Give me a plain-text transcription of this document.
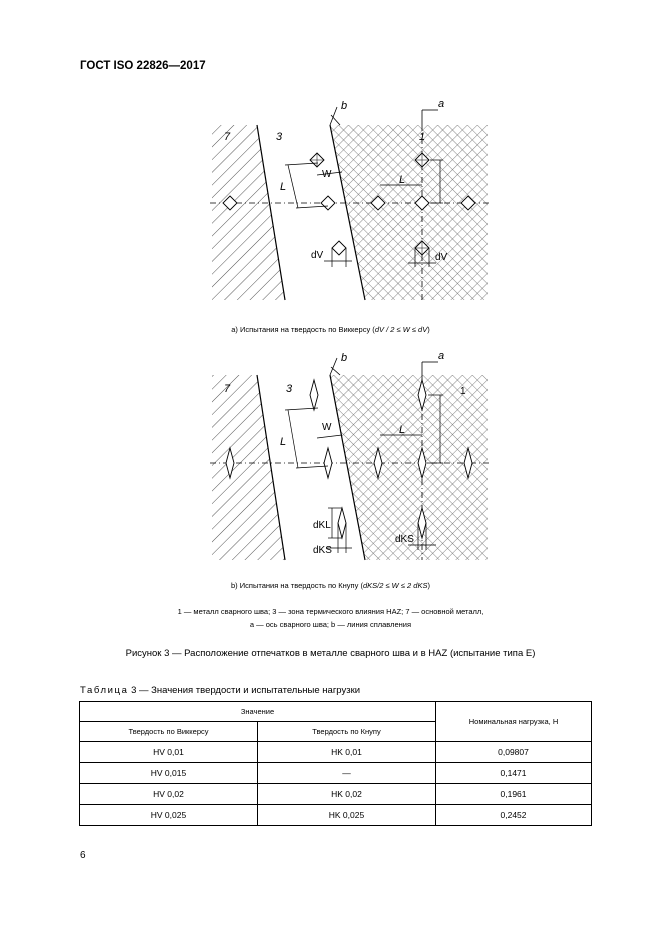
ГОСТ ISO 22826—2017
7	3	1
b	a
L
L
W
dV	dV
a) Испытания на твердость по Виккерсу (dV / 2 ≤ W ≤ dV)
7	3
b	a
L
L
1
W
dKL
dKS
dKS
b) Испытания на твердость по Кнупу (dKS/2 ≤ W ≤ 2 dKS)
1 — металл сварного шва; 3 — зона термического влияния HAZ; 7 — основной металл,
a — ось сварного шва; b — линия сплавления
Рисунок 3 — Расположение отпечатков в металле сварного шва и в HAZ (испытание типа Е)
Таблица 3 — Значения твердости и испытательные нагрузки
Значение		Номинальная нагрузка, Н
Твердость по Виккерсу	Твердость по Кнупу	
HV 0,01	HK 0,01	0,09807
HV 0,015	—	0,1471
HV 0,02	HK 0,02	0,1961
HV 0,025	HK 0,025	0,2452
6
